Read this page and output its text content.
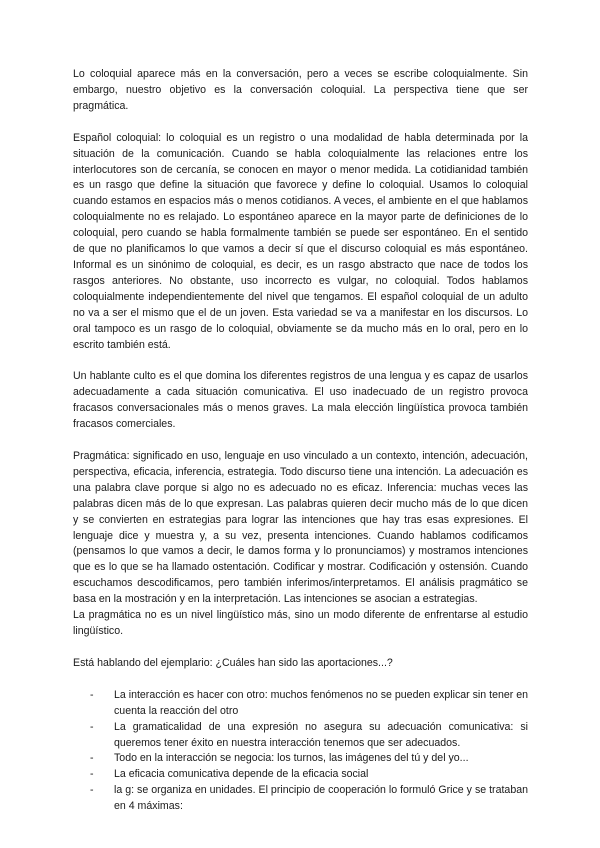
Lo coloquial aparece más en la conversación, pero a veces se escribe coloquialmente. Sin embargo, nuestro objetivo es la conversación coloquial. La perspectiva tiene que ser pragmática.

Español coloquial: lo coloquial es un registro o una modalidad de habla determinada por la situación de la comunicación. Cuando se habla coloquialmente las relaciones entre los interlocutores son de cercanía, se conocen en mayor o menor medida. La cotidianidad también es un rasgo que define la situación que favorece y define lo coloquial. Usamos lo coloquial cuando estamos en espacios más o menos cotidianos. A veces, el ambiente en el que hablamos coloquialmente no es relajado. Lo espontáneo aparece en la mayor parte de definiciones de lo coloquial, pero cuando se habla formalmente también se puede ser espontáneo. En el sentido de que no planificamos lo que vamos a decir sí que el discurso coloquial es más espontáneo. Informal es un sinónimo de coloquial, es decir, es un rasgo abstracto que nace de todos los rasgos anteriores. No obstante, uso incorrecto es vulgar, no coloquial. Todos hablamos coloquialmente independientemente del nivel que tengamos. El español coloquial de un adulto no va a ser el mismo que el de un joven. Esta variedad se va a manifestar en los discursos. Lo oral tampoco es un rasgo de lo coloquial, obviamente se da mucho más en lo oral, pero en lo escrito también está.

Un hablante culto es el que domina los diferentes registros de una lengua y es capaz de usarlos adecuadamente a cada situación comunicativa. El uso inadecuado de un registro provoca fracasos conversacionales más o menos graves. La mala elección lingüística provoca también fracasos comerciales.

Pragmática: significado en uso, lenguaje en uso vinculado a un contexto, intención, adecuación, perspectiva, eficacia, inferencia, estrategia. Todo discurso tiene una intención. La adecuación es una palabra clave porque si algo no es adecuado no es eficaz. Inferencia: muchas veces las palabras dicen más de lo que expresan. Las palabras quieren decir mucho más de lo que dicen y se convierten en estrategias para lograr las intenciones que hay tras esas expresiones. El lenguaje dice y muestra y, a su vez, presenta intenciones. Cuando hablamos codificamos (pensamos lo que vamos a decir, le damos forma y lo pronunciamos) y mostramos intenciones que es lo que se ha llamado ostentación. Codificar y mostrar. Codificación y ostensión. Cuando escuchamos descodificamos, pero también inferimos/interpretamos. El análisis pragmático se basa en la mostración y en la interpretación. Las intenciones se asocian a estrategias.

La pragmática no es un nivel lingüístico más, sino un modo diferente de enfrentarse al estudio lingüístico.

Está hablando del ejemplario: ¿Cuáles han sido las aportaciones...?

-	La interacción es hacer con otro: muchos fenómenos no se pueden explicar sin tener en cuenta la reacción del otro
-	La gramaticalidad de una expresión no asegura su adecuación comunicativa: si queremos tener éxito en nuestra interacción tenemos que ser adecuados.
-	Todo en la interacción se negocia: los turnos, las imágenes del tú y del yo...
-	La eficacia comunicativa depende de la eficacia social
-	la g: se organiza en unidades. El principio de cooperación lo formuló Grice y se trataban en 4 máximas:
